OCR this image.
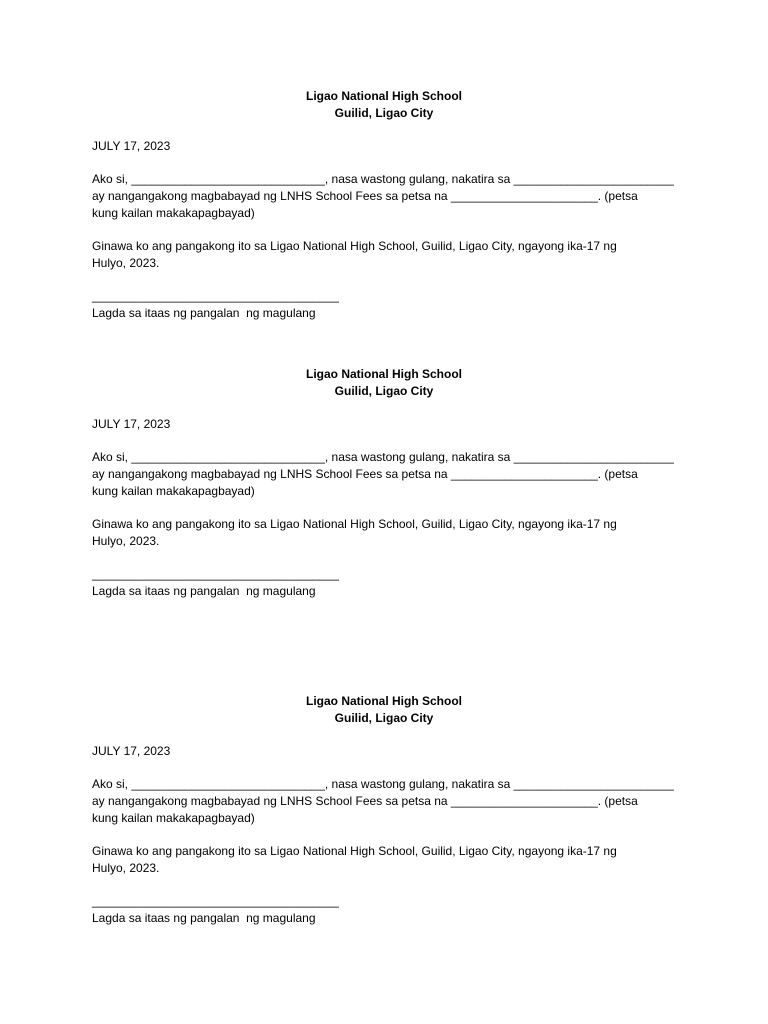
Ligao National High School
Guilid, Ligao City
JULY 17, 2023
Ako si, _____________________________, nasa wastong gulang, nakatira sa ________________________
ay nangangakong magbabayad ng LNHS School Fees sa petsa na ______________________. (petsa
kung kailan makakapagbayad)
Ginawa ko ang pangakong ito sa Ligao National High School, Guilid, Ligao City, ngayong ika-17 ng
Hulyo, 2023.
_____________________________________
Lagda sa itaas ng pangalan  ng magulang
Ligao National High School
Guilid, Ligao City
JULY 17, 2023
Ako si, _____________________________, nasa wastong gulang, nakatira sa ________________________
ay nangangakong magbabayad ng LNHS School Fees sa petsa na ______________________. (petsa
kung kailan makakapagbayad)
Ginawa ko ang pangakong ito sa Ligao National High School, Guilid, Ligao City, ngayong ika-17 ng
Hulyo, 2023.
_____________________________________
Lagda sa itaas ng pangalan  ng magulang
Ligao National High School
Guilid, Ligao City
JULY 17, 2023
Ako si, _____________________________, nasa wastong gulang, nakatira sa ________________________
ay nangangakong magbabayad ng LNHS School Fees sa petsa na ______________________. (petsa
kung kailan makakapagbayad)
Ginawa ko ang pangakong ito sa Ligao National High School, Guilid, Ligao City, ngayong ika-17 ng
Hulyo, 2023.
_____________________________________
Lagda sa itaas ng pangalan  ng magulang
